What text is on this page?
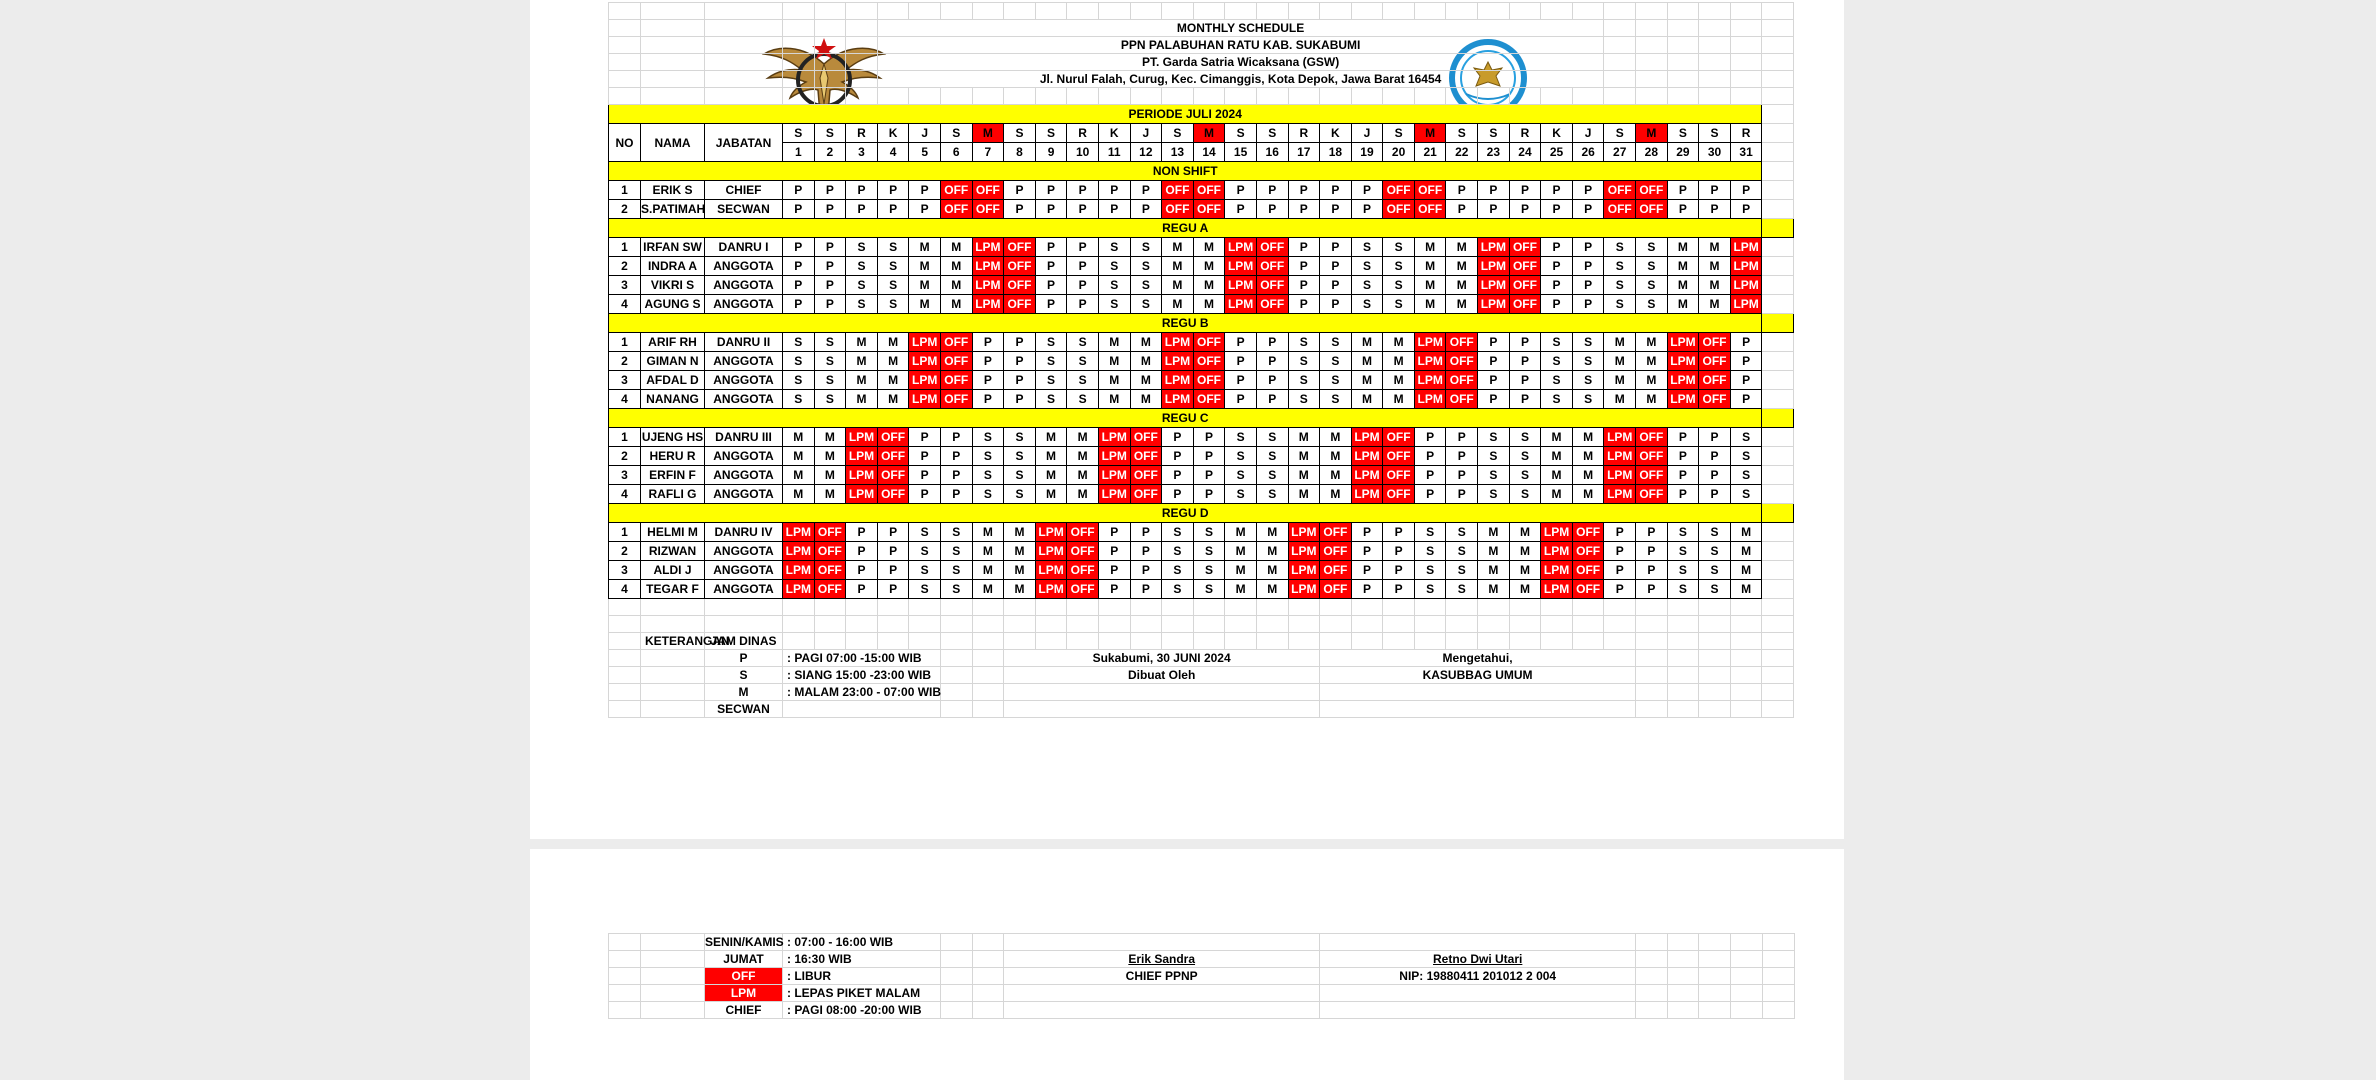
						MONTHLY SCHEDULE																													
						PPN PALABUHAN RATU KAB. SUKABUMI																													
						PT. Garda Satria Wicaksana (GSW)																													
						Jl. Nurul Falah, Curug, Kec. Cimanggis, Kota Depok, Jawa Barat 16454																													

PERIODE JULI 2024																																			
NO	NAMA	JABATAN	S	S	R	K	J	S	M	S	S	R	K	J	S	M	S	S	R	K	J	S	M	S	S	R	K	J	S	M	S	S	R		
			1	2	3	4	5	6	7	8	9	10	11	12	13	14	15	16	17	18	19	20	21	22	23	24	25	26	27	28	29	30	31		
NON SHIFT																																			
1	ERIK S	CHIEF	P	P	P	P	P	OFF	OFF	P	P	P	P	P	OFF	OFF	P	P	P	P	P	OFF	OFF	P	P	P	P	P	OFF	OFF	P	P	P		
2	S.PATIMAH	SECWAN	P	P	P	P	P	OFF	OFF	P	P	P	P	P	OFF	OFF	P	P	P	P	P	OFF	OFF	P	P	P	P	P	OFF	OFF	P	P	P		
REGU A																																			
1	IRFAN SW	DANRU I	P	P	S	S	M	M	LPM	OFF	P	P	S	S	M	M	LPM	OFF	P	P	S	S	M	M	LPM	OFF	P	P	S	S	M	M	LPM		
2	INDRA A	ANGGOTA	P	P	S	S	M	M	LPM	OFF	P	P	S	S	M	M	LPM	OFF	P	P	S	S	M	M	LPM	OFF	P	P	S	S	M	M	LPM		
3	VIKRI S	ANGGOTA	P	P	S	S	M	M	LPM	OFF	P	P	S	S	M	M	LPM	OFF	P	P	S	S	M	M	LPM	OFF	P	P	S	S	M	M	LPM		
4	AGUNG S	ANGGOTA	P	P	S	S	M	M	LPM	OFF	P	P	S	S	M	M	LPM	OFF	P	P	S	S	M	M	LPM	OFF	P	P	S	S	M	M	LPM		
REGU B																																			
1	ARIF RH	DANRU II	S	S	M	M	LPM	OFF	P	P	S	S	M	M	LPM	OFF	P	P	S	S	M	M	LPM	OFF	P	P	S	S	M	M	LPM	OFF	P		
2	GIMAN N	ANGGOTA	S	S	M	M	LPM	OFF	P	P	S	S	M	M	LPM	OFF	P	P	S	S	M	M	LPM	OFF	P	P	S	S	M	M	LPM	OFF	P		
3	AFDAL D	ANGGOTA	S	S	M	M	LPM	OFF	P	P	S	S	M	M	LPM	OFF	P	P	S	S	M	M	LPM	OFF	P	P	S	S	M	M	LPM	OFF	P		
4	NANANG	ANGGOTA	S	S	M	M	LPM	OFF	P	P	S	S	M	M	LPM	OFF	P	P	S	S	M	M	LPM	OFF	P	P	S	S	M	M	LPM	OFF	P		
REGU C																																			
1	UJENG HS	DANRU III	M	M	LPM	OFF	P	P	S	S	M	M	LPM	OFF	P	P	S	S	M	M	LPM	OFF	P	P	S	S	M	M	LPM	OFF	P	P	S		
2	HERU R	ANGGOTA	M	M	LPM	OFF	P	P	S	S	M	M	LPM	OFF	P	P	S	S	M	M	LPM	OFF	P	P	S	S	M	M	LPM	OFF	P	P	S		
3	ERFIN F	ANGGOTA	M	M	LPM	OFF	P	P	S	S	M	M	LPM	OFF	P	P	S	S	M	M	LPM	OFF	P	P	S	S	M	M	LPM	OFF	P	P	S		
4	RAFLI G	ANGGOTA	M	M	LPM	OFF	P	P	S	S	M	M	LPM	OFF	P	P	S	S	M	M	LPM	OFF	P	P	S	S	M	M	LPM	OFF	P	P	S		
REGU D																																			
1	HELMI M	DANRU IV	LPM	OFF	P	P	S	S	M	M	LPM	OFF	P	P	S	S	M	M	LPM	OFF	P	P	S	S	M	M	LPM	OFF	P	P	S	S	M		
2	RIZWAN	ANGGOTA	LPM	OFF	P	P	S	S	M	M	LPM	OFF	P	P	S	S	M	M	LPM	OFF	P	P	S	S	M	M	LPM	OFF	P	P	S	S	M		
3	ALDI J	ANGGOTA	LPM	OFF	P	P	S	S	M	M	LPM	OFF	P	P	S	S	M	M	LPM	OFF	P	P	S	S	M	M	LPM	OFF	P	P	S	S	M		
4	TEGAR F	ANGGOTA	LPM	OFF	P	P	S	S	M	M	LPM	OFF	P	P	S	S	M	M	LPM	OFF	P	P	S	S	M	M	LPM	OFF	P	P	S	S	M		

	KETERANGAN	JAM DINAS																																	
		P	: PAGI 07:00 -15:00 WIB							Sukabumi, 30 JUNI 2024										Mengetahui,															
		S	: SIANG 15:00 -23:00 WIB							Dibuat Oleh										KASUBBAG UMUM															
		M	: MALAM 23:00 - 07:00 WIB																																
		SECWAN																																	
		SENIN/KAMIS	: 07:00 - 16:00 WIB										
		JUMAT	: 16:30 WIB			Erik Sandra	Retno Dwi Utari						
		OFF	: LIBUR			CHIEF PPNP	NIP: 19880411 201012 2 004						
		LPM	: LEPAS PIKET MALAM										
		CHIEF	: PAGI 08:00 -20:00 WIB										
